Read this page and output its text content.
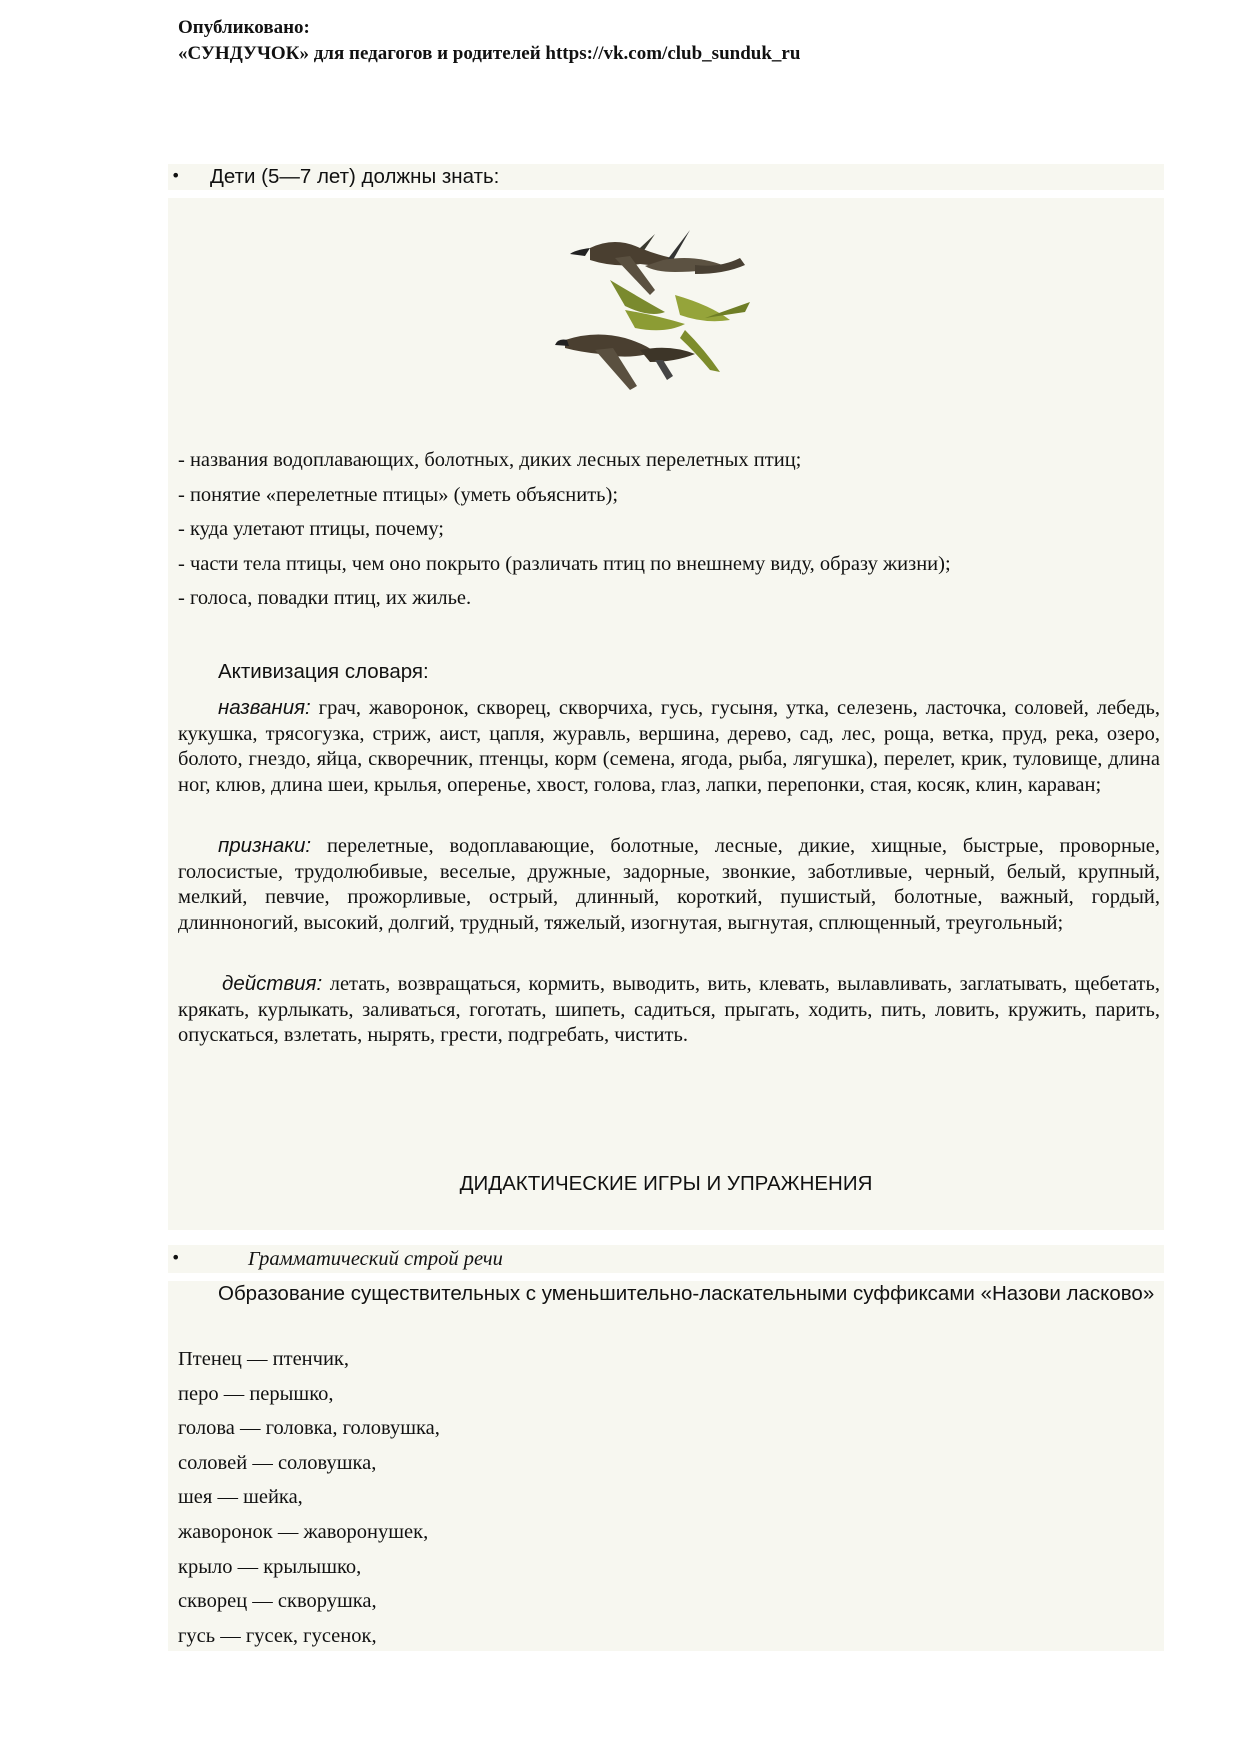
Опубликовано:
«СУНДУЧОК» для педагогов и родителей https://vk.com/club_sunduk_ru
• Дети (5—7 лет) должны знать:
- названия водоплавающих, болотных, диких лесных перелетных птиц;
- понятие «перелетные птицы» (уметь объяснить);
- куда улетают птицы, почему;
- части тела птицы, чем оно покрыто (различать птиц по внешнему виду, образу жизни);
- голоса, повадки птиц, их жилье.
Активизация словаря:
названия: грач, жаворонок, скворец, скворчиха, гусь, гусыня, утка, селезень, ласточка, соловей, лебедь, кукушка, трясогузка, стриж, аист, цапля, журавль, вершина, дерево, сад, лес, роща, ветка, пруд, река, озеро, болото, гнездо, яйца, скворечник, птенцы, корм (семена, ягода, рыба, лягушка), перелет, крик, туловище, длина ног, клюв, длина шеи, крылья, оперенье, хвост, голова, глаз, лапки, перепонки, стая, косяк, клин, караван;
признаки: перелетные, водоплавающие, болотные, лесные, дикие, хищные, быстрые, проворные, голосистые, трудолюбивые, веселые, дружные, задорные, звонкие, заботливые, черный, белый, крупный, мелкий, певчие, прожорливые, острый, длинный, короткий, пушистый, болотные, важный, гордый, длинноногий, высокий, долгий, трудный, тяжелый, изогнутая, выгнутая, сплющенный, треугольный;
действия: летать, возвращаться, кормить, выводить, вить, клевать, вылавливать, заглатывать, щебетать, крякать, курлыкать, заливаться, гоготать, шипеть, садиться, прыгать, ходить, пить, ловить, кружить, парить, опускаться, взлетать, нырять, грести, подгребать, чистить.
ДИДАКТИЧЕСКИЕ ИГРЫ И УПРАЖНЕНИЯ
•	Грамматический строй речи
Образование существительных с уменьшительно-ласкательными суффиксами «Назови ласково»
Птенец — птенчик,
перо — перышко,
голова — головка, головушка,
соловей — соловушка,
шея — шейка,
жаворонок — жаворонушек,
крыло — крылышко,
скворец — скворушка,
гусь — гусек, гусенок,
